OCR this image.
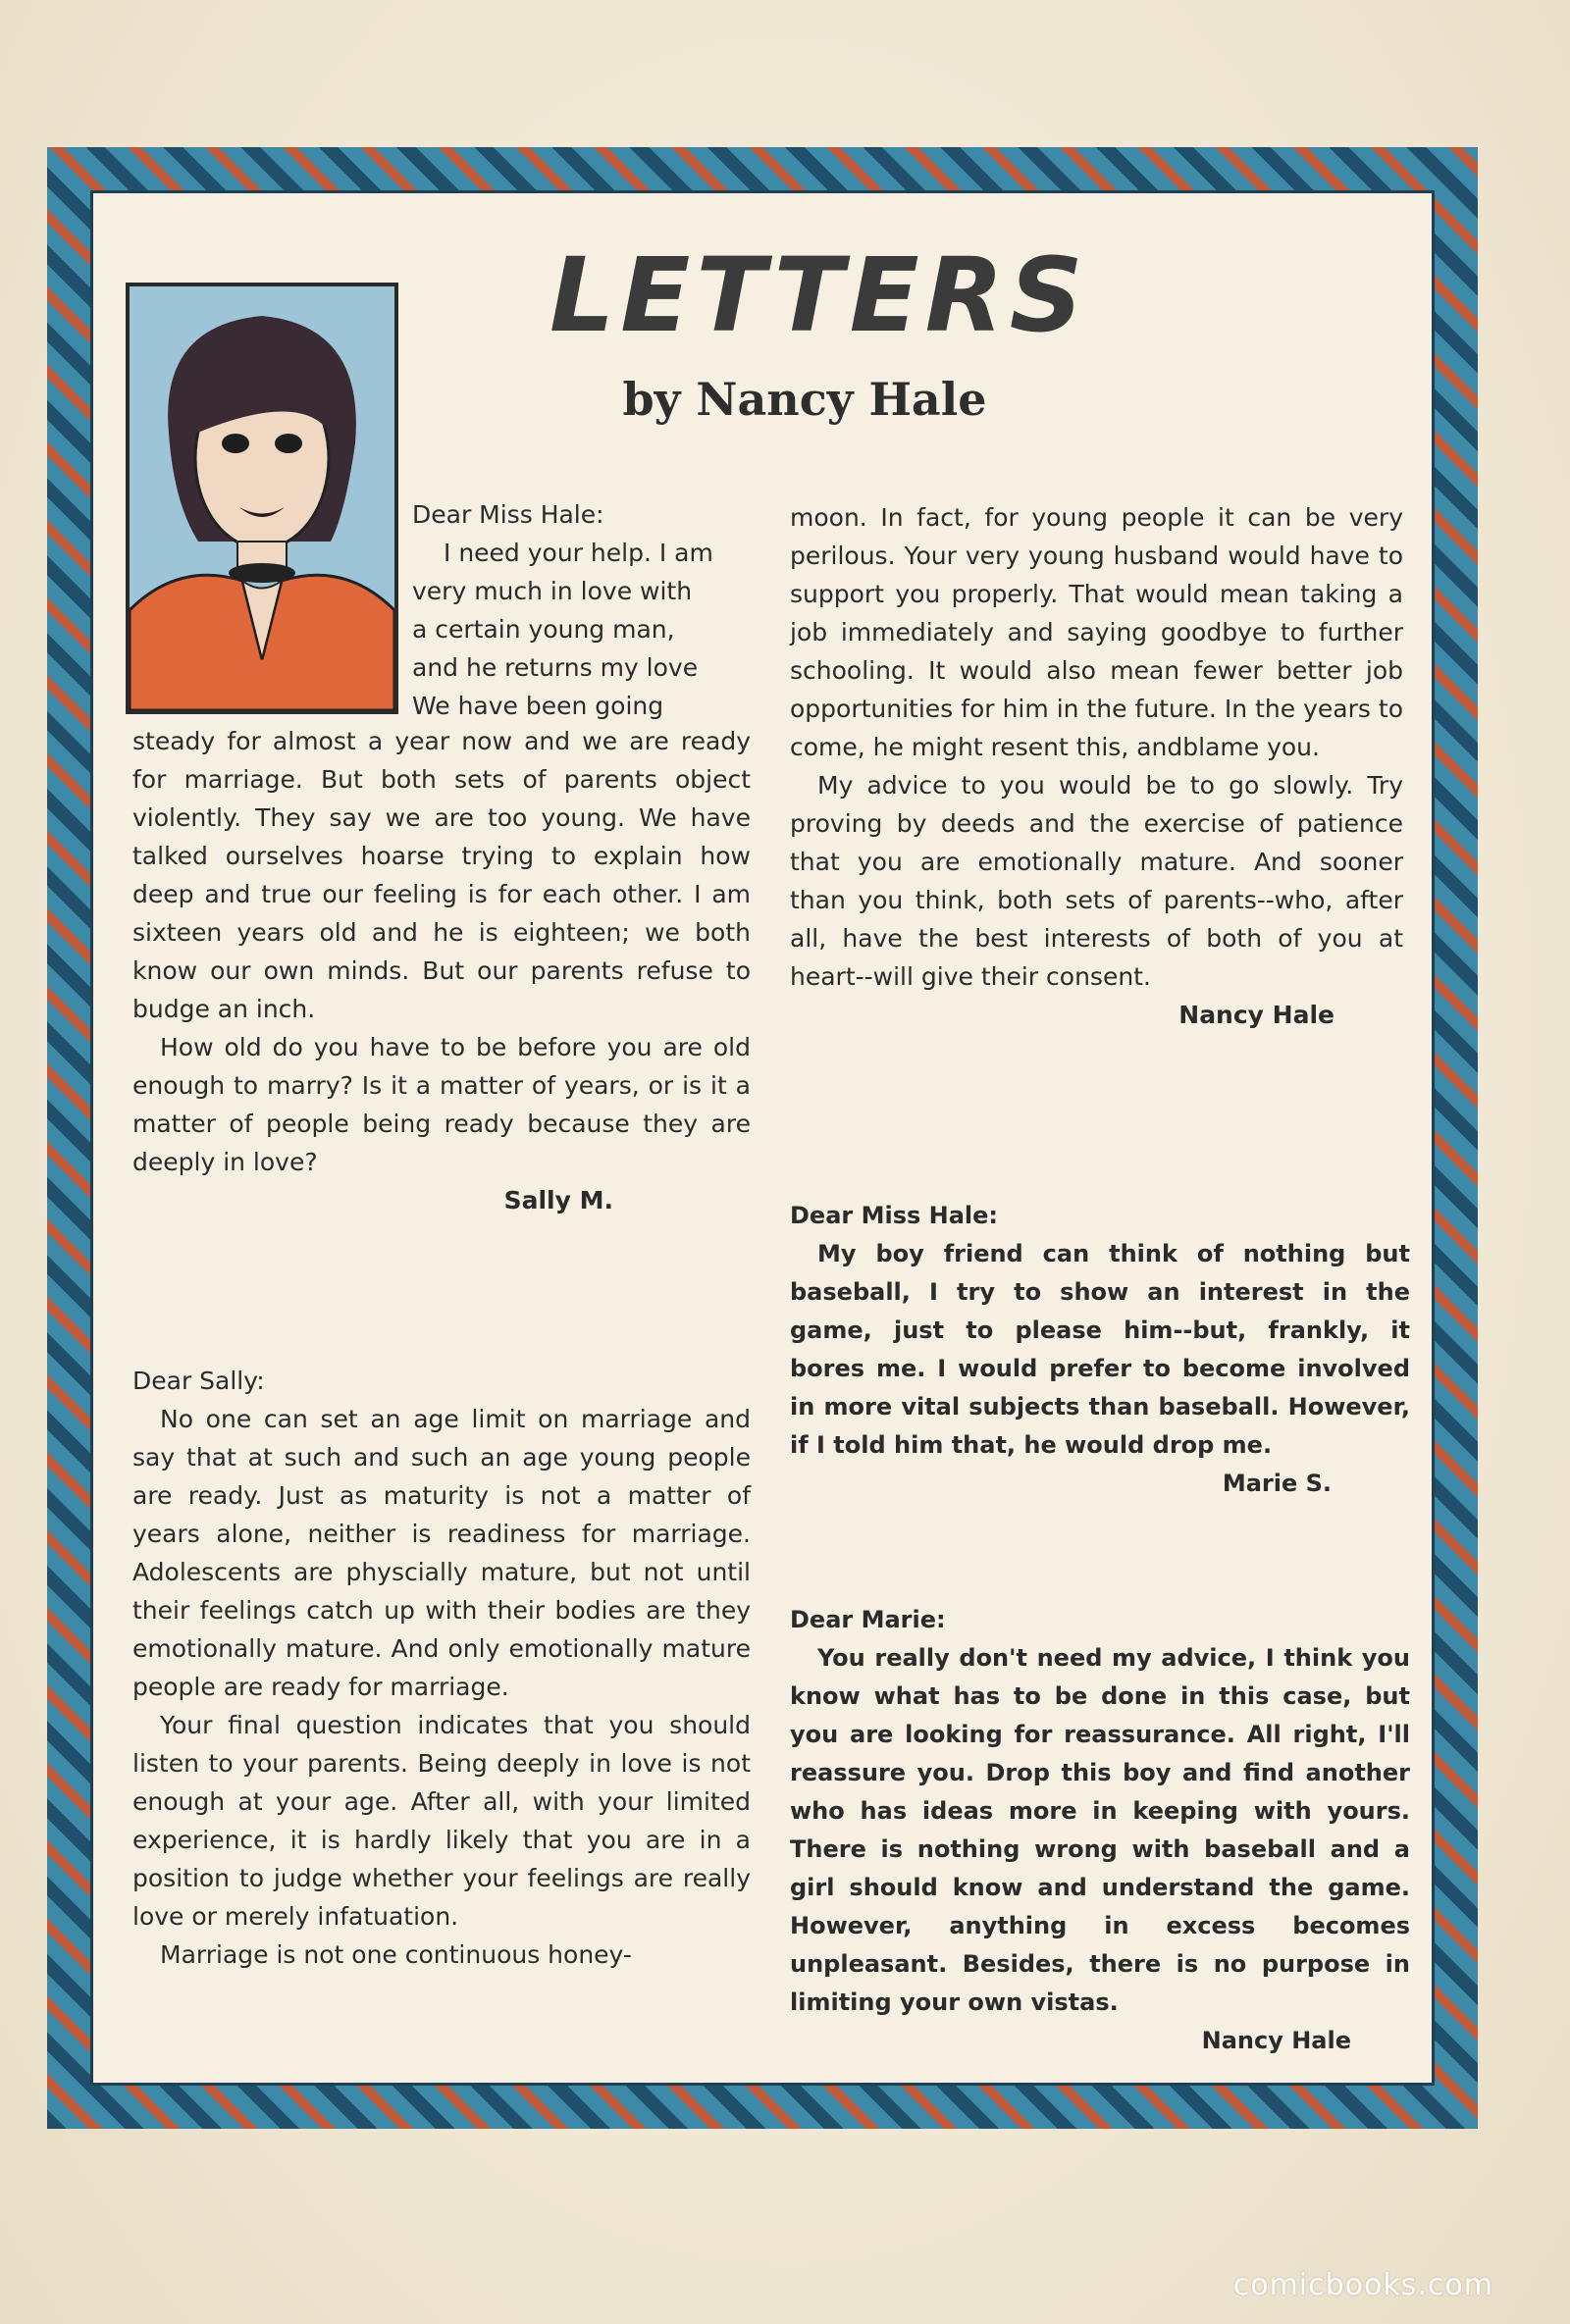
LETTERS
by Nancy Hale

Dear Miss Hale:

I need your help. I am

very much in love with

a certain young man,

and he returns my love

We have been going

steady for almost a year now and we are ready for marriage. But both sets of parents object violently. They say we are too young. We have talked ourselves hoarse trying to explain how deep and true our feeling is for each other. I am sixteen years old and he is eighteen; we both know our own minds. But our parents refuse to budge an inch.

How old do you have to be before you are old enough to marry? Is it a matter of years, or is it a matter of people being ready because they are deeply in love?

Sally M.

Dear Sally:

No one can set an age limit on marriage and say that at such and such an age young people are ready. Just as maturity is not a matter of years alone, neither is readiness for marriage. Adolescents are physcially mature, but not until their feelings catch up with their bodies are they emotionally mature. And only emotionally mature people are ready for marriage.

Your final question indicates that you should listen to your parents. Being deeply in love is not enough at your age. After all, with your limited experience, it is hardly likely that you are in a position to judge whether your feelings are really love or merely infatuation.

Marriage is not one continuous honey-

moon. In fact, for young people it can be very perilous. Your very young husband would have to support you properly. That would mean taking a job immediately and saying goodbye to further schooling. It would also mean fewer better job opportunities for him in the future. In the years to come, he might resent this, andblame you.

My advice to you would be to go slowly. Try proving by deeds and the exercise of patience that you are emotionally mature. And sooner than you think, both sets of parents--who, after all, have the best interests of both of you at heart--will give their consent.

Nancy Hale

Dear Miss Hale:

My boy friend can think of nothing but baseball, I try to show an interest in the game, just to please him--but, frankly, it bores me. I would prefer to become involved in more vital subjects than baseball. However, if I told him that, he would drop me.

Marie S.

Dear Marie:

You really don't need my advice, I think you know what has to be done in this case, but you are looking for reassurance. All right, I'll reassure you. Drop this boy and find another who has ideas more in keeping with yours. There is nothing wrong with baseball and a girl should know and understand the game. However, anything in excess becomes unpleasant. Besides, there is no purpose in limiting your own vistas.

Nancy Hale

comicbooks.com
